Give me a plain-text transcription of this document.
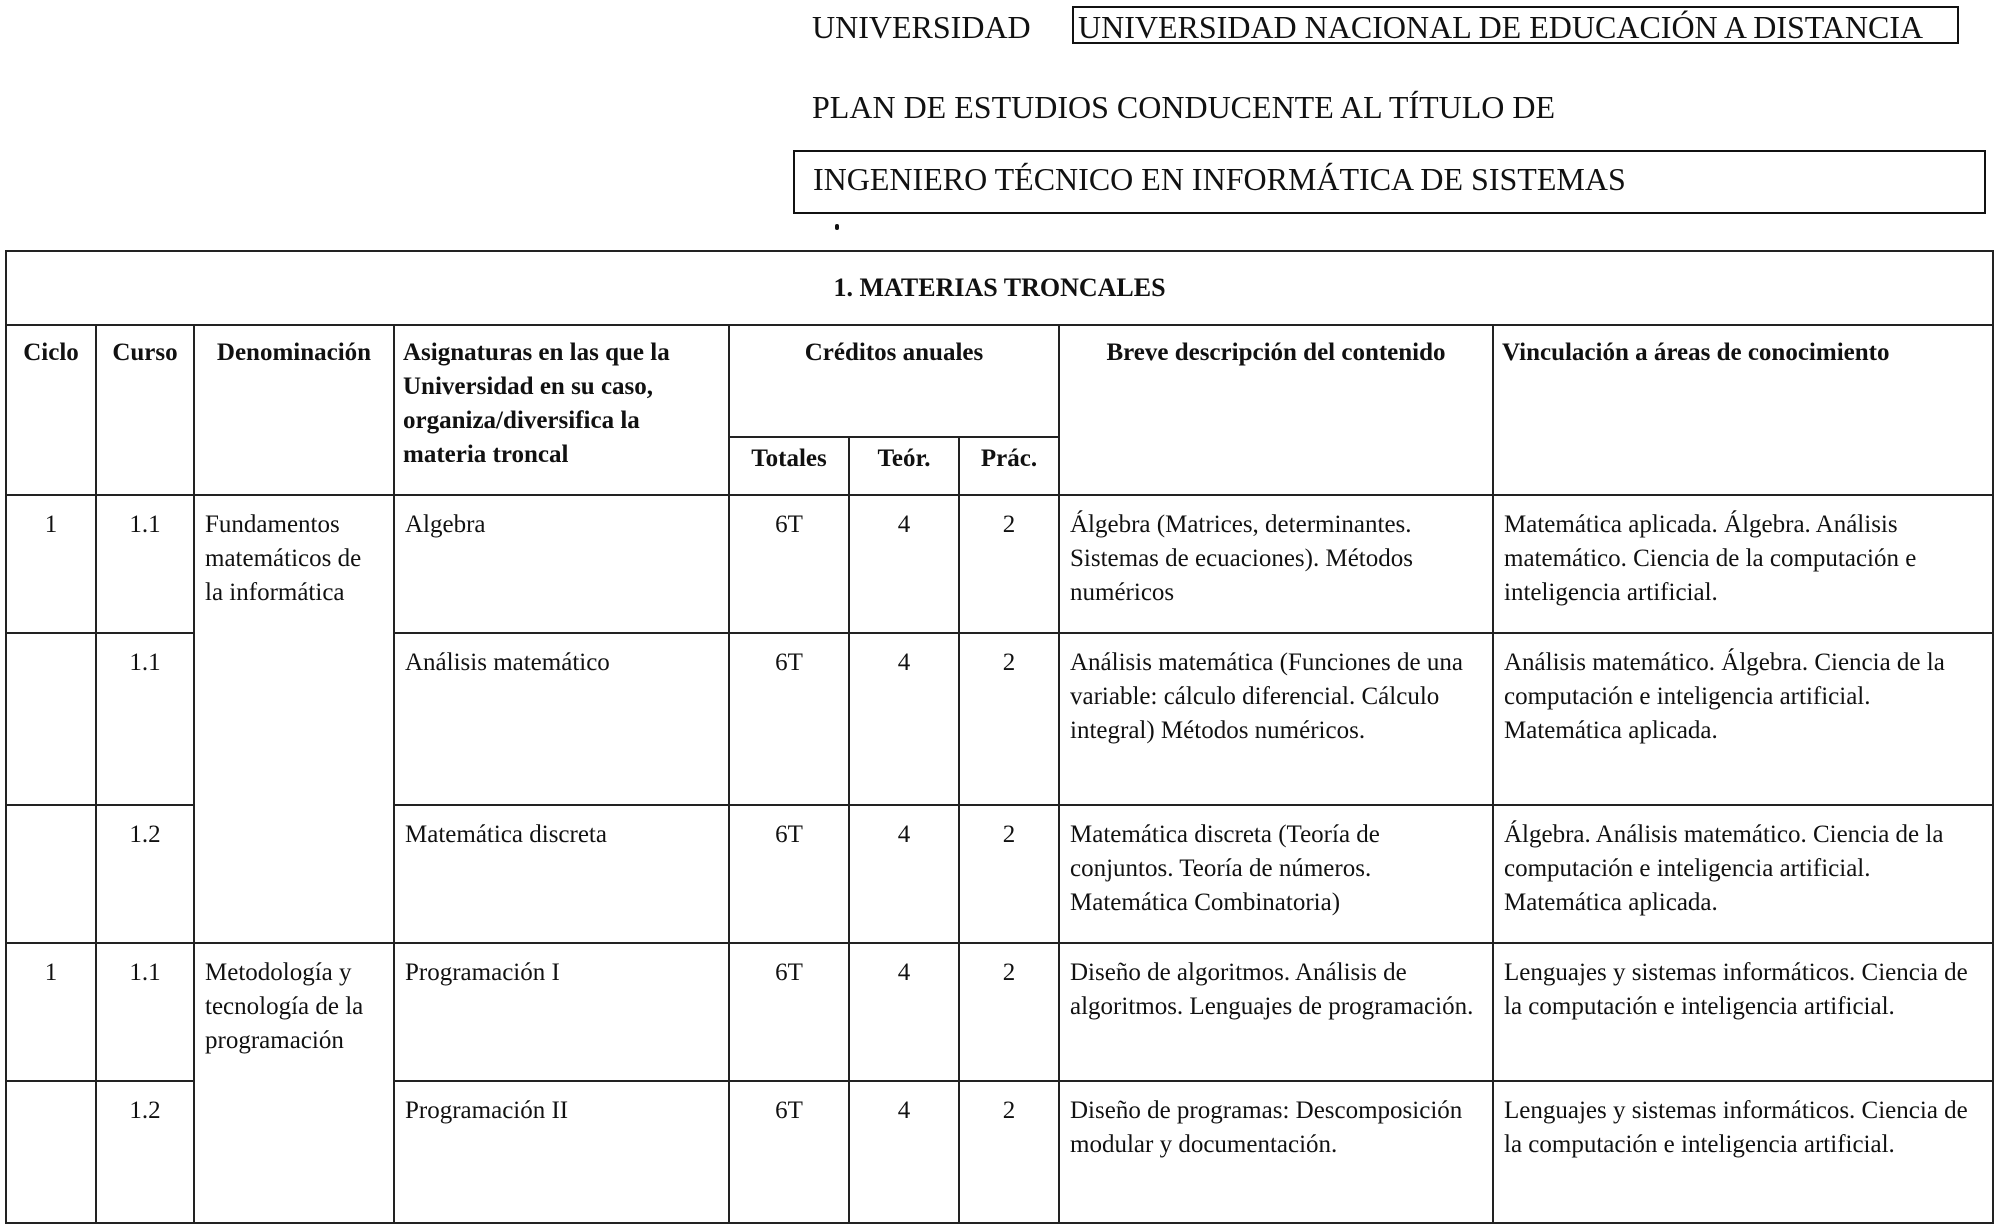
UNIVERSIDAD UNIVERSIDAD NACIONAL DE EDUCACIÓN A DISTANCIA
PLAN DE ESTUDIOS CONDUCENTE AL TÍTULO DE
INGENIERO TÉCNICO EN INFORMÁTICA DE SISTEMAS
1. MATERIAS TRONCALES								
Ciclo	Curso	Denominación	Asignaturas en las que la Universidad en su caso, organiza/diversifica la materia troncal	Créditos anuales			Breve descripción del contenido	Vinculación a áreas de conocimiento
				Totales	Teór.	Prác.		
1	1.1	Fundamentos matemáticos de la informática	Algebra	6T	4	2	Álgebra (Matrices, determinantes. Sistemas de ecuaciones). Métodos numéricos	Matemática aplicada. Álgebra. Análisis matemático. Ciencia de la computación e inteligencia artificial.
	1.1		Análisis matemático	6T	4	2	Análisis matemática (Funciones de una variable: cálculo diferencial. Cálculo integral) Métodos numéricos.	Análisis matemático. Álgebra. Ciencia de la computación e inteligencia artificial. Matemática aplicada.
	1.2		Matemática discreta	6T	4	2	Matemática discreta (Teoría de conjuntos. Teoría de números. Matemática Combinatoria)	Álgebra. Análisis matemático. Ciencia de la computación e inteligencia artificial. Matemática aplicada.
1	1.1	Metodología y tecnología de la programación	Programación I	6T	4	2	Diseño de algoritmos. Análisis de algoritmos. Lenguajes de programación.	Lenguajes y sistemas informáticos. Ciencia de la computación e inteligencia artificial.
	1.2		Programación II	6T	4	2	Diseño de programas: Descomposición modular y documentación.	Lenguajes y sistemas informáticos. Ciencia de la computación e inteligencia artificial.
